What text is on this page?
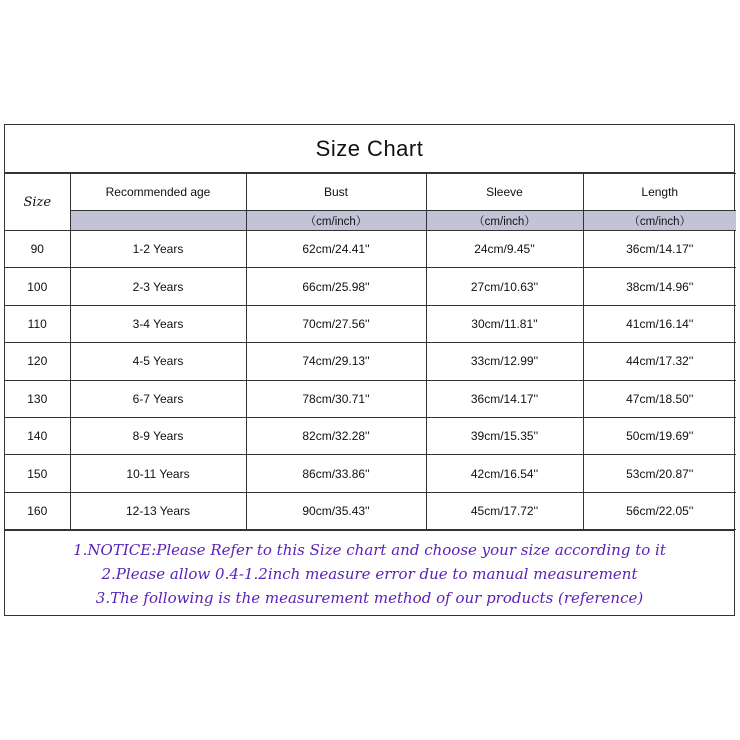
Size Chart
Size	Recommended age	Bust	Sleeve	Length
		（cm/inch）	（cm/inch）	（cm/inch）
90	1-2 Years	62cm/24.41''	24cm/9.45''	36cm/14.17''
100	2-3 Years	66cm/25.98''	27cm/10.63''	38cm/14.96''
110	3-4 Years	70cm/27.56''	30cm/11.81''	41cm/16.14''
120	4-5 Years	74cm/29.13''	33cm/12.99''	44cm/17.32''
130	6-7 Years	78cm/30.71''	36cm/14.17''	47cm/18.50''
140	8-9 Years	82cm/32.28''	39cm/15.35''	50cm/19.69''
150	10-11 Years	86cm/33.86''	42cm/16.54''	53cm/20.87''
160	12-13 Years	90cm/35.43''	45cm/17.72''	56cm/22.05''
1.NOTICE:Please Refer to this Size chart and choose your size according to it
2.Please allow 0.4-1.2inch measure error due to manual measurement
3.The following is the measurement method of our products (reference)
